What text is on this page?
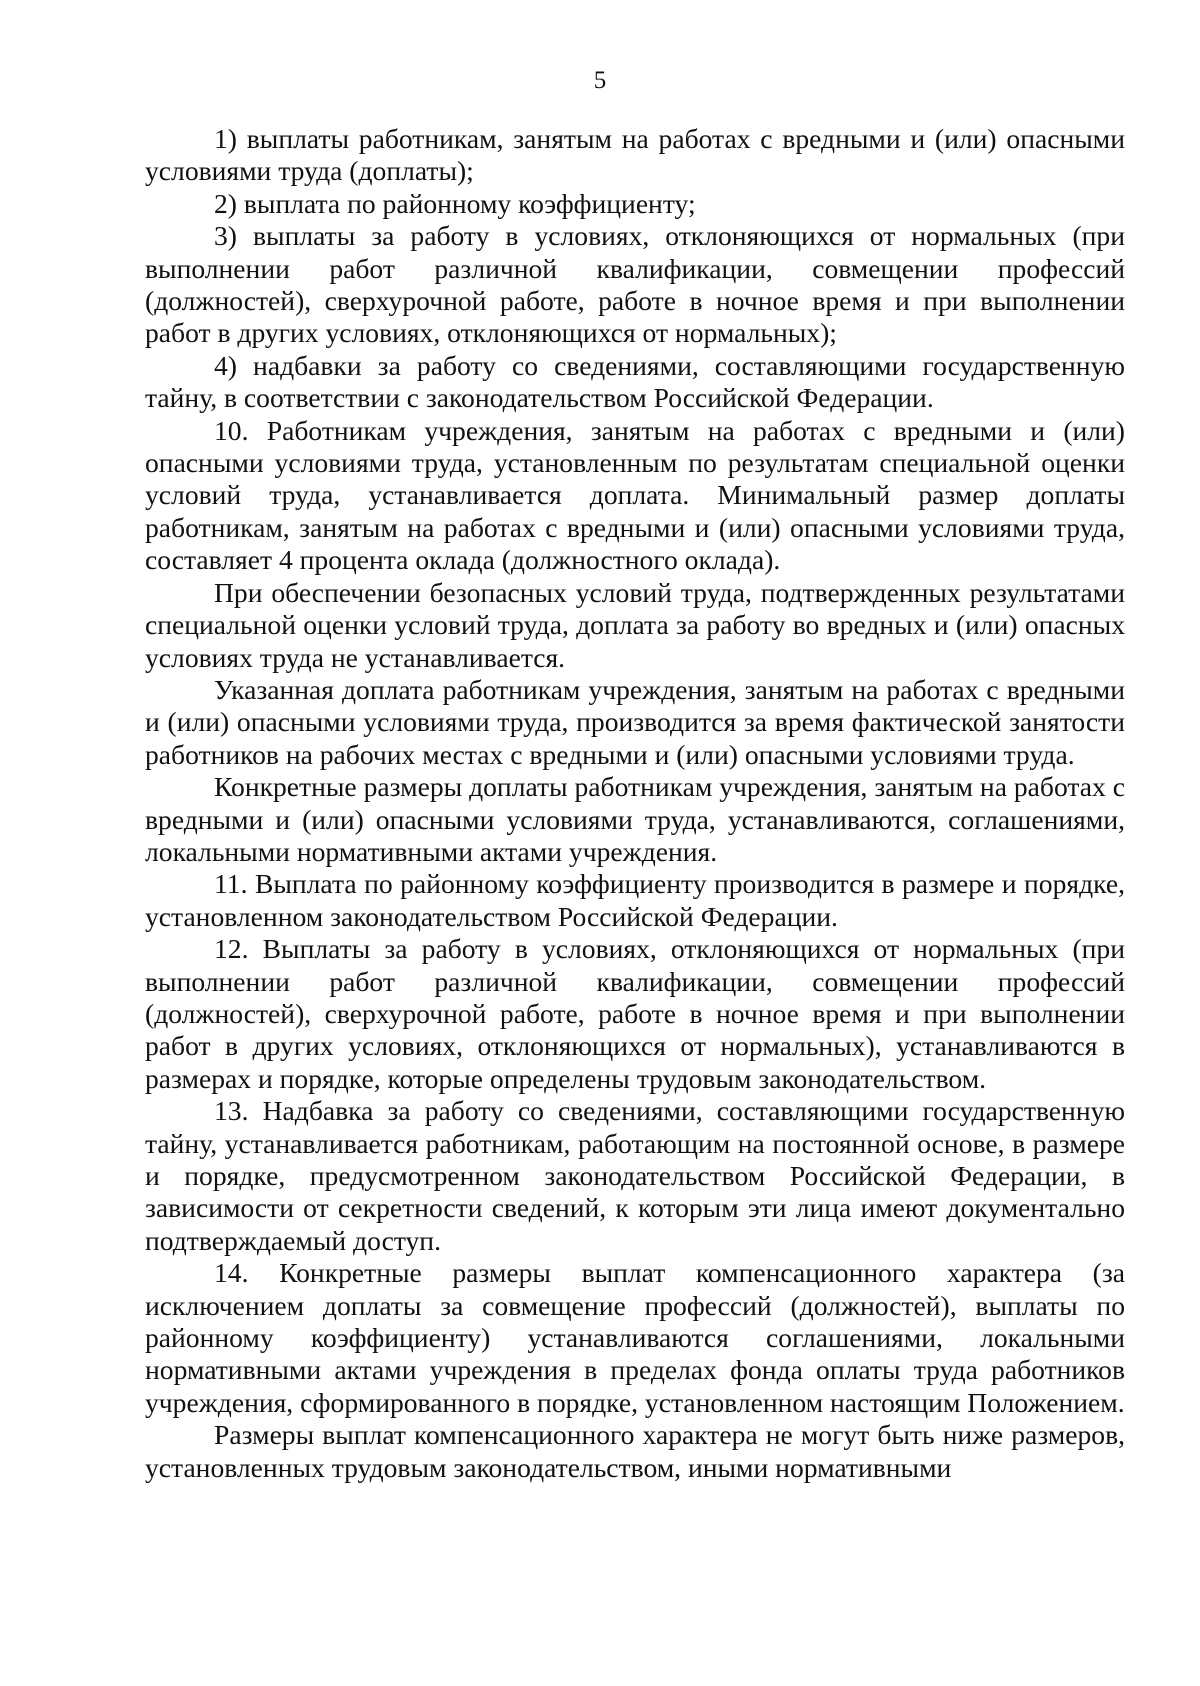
5

1) выплаты работникам, занятым на работах с вредными и (или) опасными условиями труда (доплаты);

2) выплата по районному коэффициенту;

3) выплаты за работу в условиях, отклоняющихся от нормальных (при выполнении работ различной квалификации, совмещении профессий (должностей), сверхурочной работе, работе в ночное время и при выполнении работ в других условиях, отклоняющихся от нормальных);

4) надбавки за работу со сведениями, составляющими государственную тайну, в соответствии с законодательством Российской Федерации.

10. Работникам учреждения, занятым на работах с вредными и (или) опасными условиями труда, установленным по результатам специальной оценки условий труда, устанавливается доплата. Минимальный размер доплаты работникам, занятым на работах с вредными и (или) опасными условиями труда, составляет 4 процента оклада (должностного оклада).

При обеспечении безопасных условий труда, подтвержденных результатами специальной оценки условий труда, доплата за работу во вредных и (или) опасных условиях труда не устанавливается.

Указанная доплата работникам учреждения, занятым на работах с вредными и (или) опасными условиями труда, производится за время фактической занятости работников на рабочих местах с вредными и (или) опасными условиями труда.

Конкретные размеры доплаты работникам учреждения, занятым на работах с вредными и (или) опасными условиями труда, устанавливаются, соглашениями, локальными нормативными актами учреждения.

11. Выплата по районному коэффициенту производится в размере и порядке, установленном законодательством Российской Федерации.

12. Выплаты за работу в условиях, отклоняющихся от нормальных (при выполнении работ различной квалификации, совмещении профессий (должностей), сверхурочной работе, работе в ночное время и при выполнении работ в других условиях, отклоняющихся от нормальных), устанавливаются в размерах и порядке, которые определены трудовым законодательством.

13. Надбавка за работу со сведениями, составляющими государственную тайну, устанавливается работникам, работающим на постоянной основе, в размере и порядке, предусмотренном законодательством Российской Федерации, в зависимости от секретности сведений, к которым эти лица имеют документально подтверждаемый доступ.

14. Конкретные размеры выплат компенсационного характера (за исключением доплаты за совмещение профессий (должностей), выплаты по районному коэффициенту) устанавливаются соглашениями, локальными нормативными актами учреждения в пределах фонда оплаты труда работников учреждения, сформированного в порядке, установленном настоящим Положением.

Размеры выплат компенсационного характера не могут быть ниже размеров, установленных трудовым законодательством, иными нормативными
